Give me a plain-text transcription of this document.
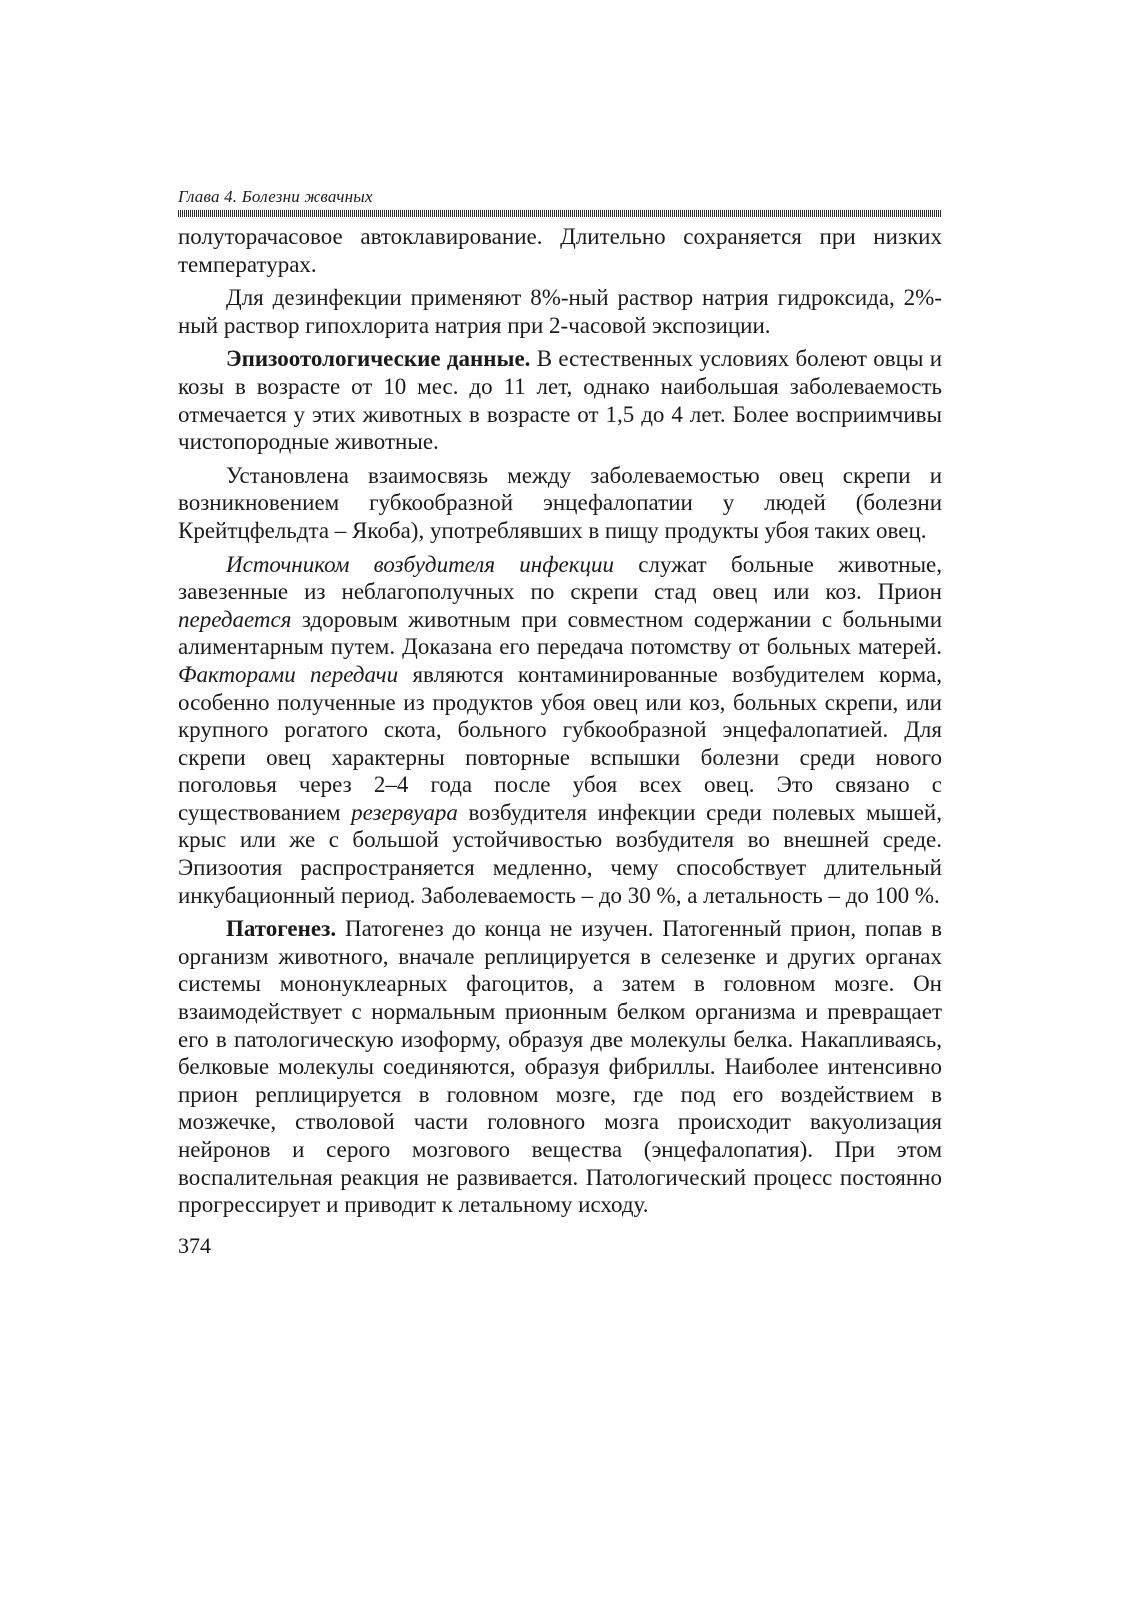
Глава 4. Болезни жвачных

полуторачасовое автоклавирование. Длительно сохраняется при низких температурах.

Для дезинфекции применяют 8%-ный раствор натрия гидроксида, 2%-ный раствор гипохлорита натрия при 2-часовой экспозиции.

Эпизоотологические данные. В естественных условиях болеют овцы и козы в возрасте от 10 мес. до 11 лет, однако наибольшая заболеваемость отмечается у этих животных в возрасте от 1,5 до 4 лет. Более восприимчивы чистопородные животные.

Установлена взаимосвязь между заболеваемостью овец скрепи и возникновением губкообразной энцефалопатии у людей (болезни Крейтцфельдта – Якоба), употреблявших в пищу продукты убоя таких овец.

Источником возбудителя инфекции служат больные животные, завезенные из неблагополучных по скрепи стад овец или коз. Прион передается здоровым животным при совместном содержании с больными алиментарным путем. Доказана его передача потомству от больных матерей. Факторами передачи являются контаминированные возбудителем корма, особенно полученные из продуктов убоя овец или коз, больных скрепи, или крупного рогатого скота, больного губкообразной энцефалопатией. Для скрепи овец характерны повторные вспышки болезни среди нового поголовья через 2–4 года после убоя всех овец. Это связано с существованием резервуара возбудителя инфекции среди полевых мышей, крыс или же с большой устойчивостью возбудителя во внешней среде. Эпизоотия распространяется медленно, чему способствует длительный инкубационный период. Заболеваемость – до 30 %, а летальность – до 100 %.

Патогенез. Патогенез до конца не изучен. Патогенный прион, попав в организм животного, вначале реплицируется в селезенке и других органах системы мононуклеарных фагоцитов, а затем в головном мозге. Он взаимодействует с нормальным прионным белком организма и превращает его в патологическую изоформу, образуя две молекулы белка. Накапливаясь, белковые молекулы соединяются, образуя фибриллы. Наиболее интенсивно прион реплицируется в головном мозге, где под его воздействием в мозжечке, стволовой части головного мозга происходит вакуолизация нейронов и серого мозгового вещества (энцефалопатия). При этом воспалительная реакция не развивается. Патологический процесс постоянно прогрессирует и приводит к летальному исходу.

374
